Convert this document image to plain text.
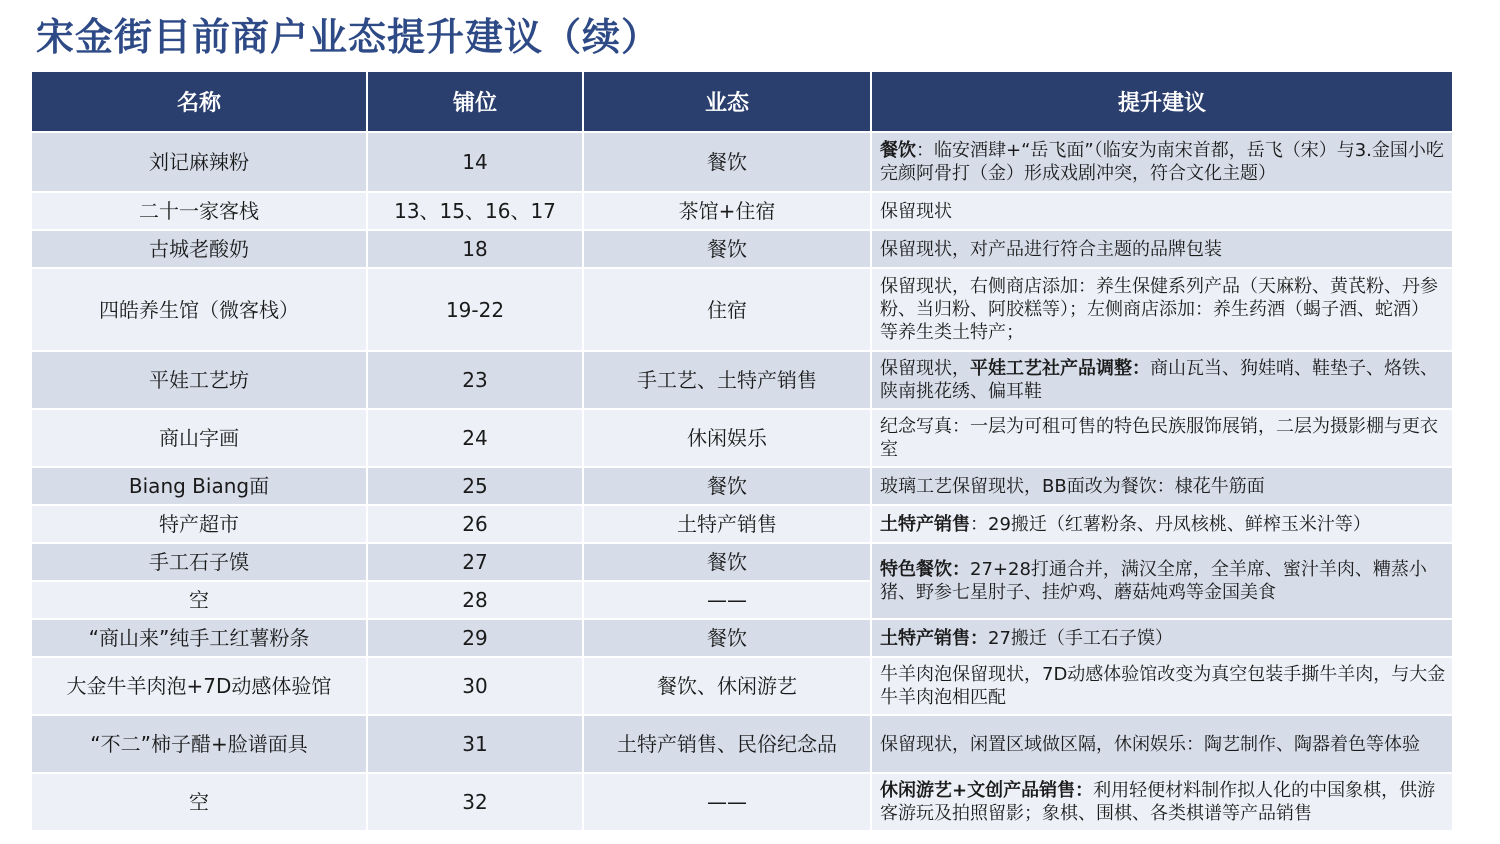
宋金街目前商户业态提升建议（续）
名称	铺位	业态	提升建议
刘记麻辣粉	14	餐饮	餐饮：临安酒肆+“岳飞面”（临安为南宋首都，岳飞（宋）与3.金国小吃完颜阿骨打（金）形成戏剧冲突，符合文化主题）
二十一家客栈	13、15、16、17	茶馆+住宿	保留现状
古城老酸奶	18	餐饮	保留现状，对产品进行符合主题的品牌包装
四皓养生馆（微客栈）	19-22	住宿	保留现状，右侧商店添加：养生保健系列产品（天麻粉、黄芪粉、丹参粉、当归粉、阿胶糕等）；左侧商店添加：养生药酒（蝎子酒、蛇酒）等养生类土特产；
平娃工艺坊	23	手工艺、土特产销售	保留现状，平娃工艺社产品调整：商山瓦当、狗娃哨、鞋垫子、烙铁、陕南挑花绣、偏耳鞋
商山字画	24	休闲娱乐	纪念写真：一层为可租可售的特色民族服饰展销，二层为摄影棚与更衣室
Biang Biang面	25	餐饮	玻璃工艺保留现状，BB面改为餐饮：棣花牛筋面
特产超市	26	土特产销售	土特产销售：29搬迁（红薯粉条、丹凤核桃、鲜榨玉米汁等）
手工石子馍	27	餐饮	特色餐饮：27+28打通合并，满汉全席，全羊席、蜜汁羊肉、糟蒸小猪、野参七星肘子、挂炉鸡、蘑菇炖鸡等金国美食
空	28	——	
“商山来”纯手工红薯粉条	29	餐饮	土特产销售：27搬迁（手工石子馍）
大金牛羊肉泡+7D动感体验馆	30	餐饮、休闲游艺	牛羊肉泡保留现状，7D动感体验馆改变为真空包装手撕牛羊肉，与大金牛羊肉泡相匹配
“不二”柿子醋+脸谱面具	31	土特产销售、民俗纪念品	保留现状，闲置区域做区隔，休闲娱乐：陶艺制作、陶器着色等体验
空	32	——	休闲游艺+文创产品销售：利用轻便材料制作拟人化的中国象棋，供游客游玩及拍照留影；象棋、围棋、各类棋谱等产品销售
